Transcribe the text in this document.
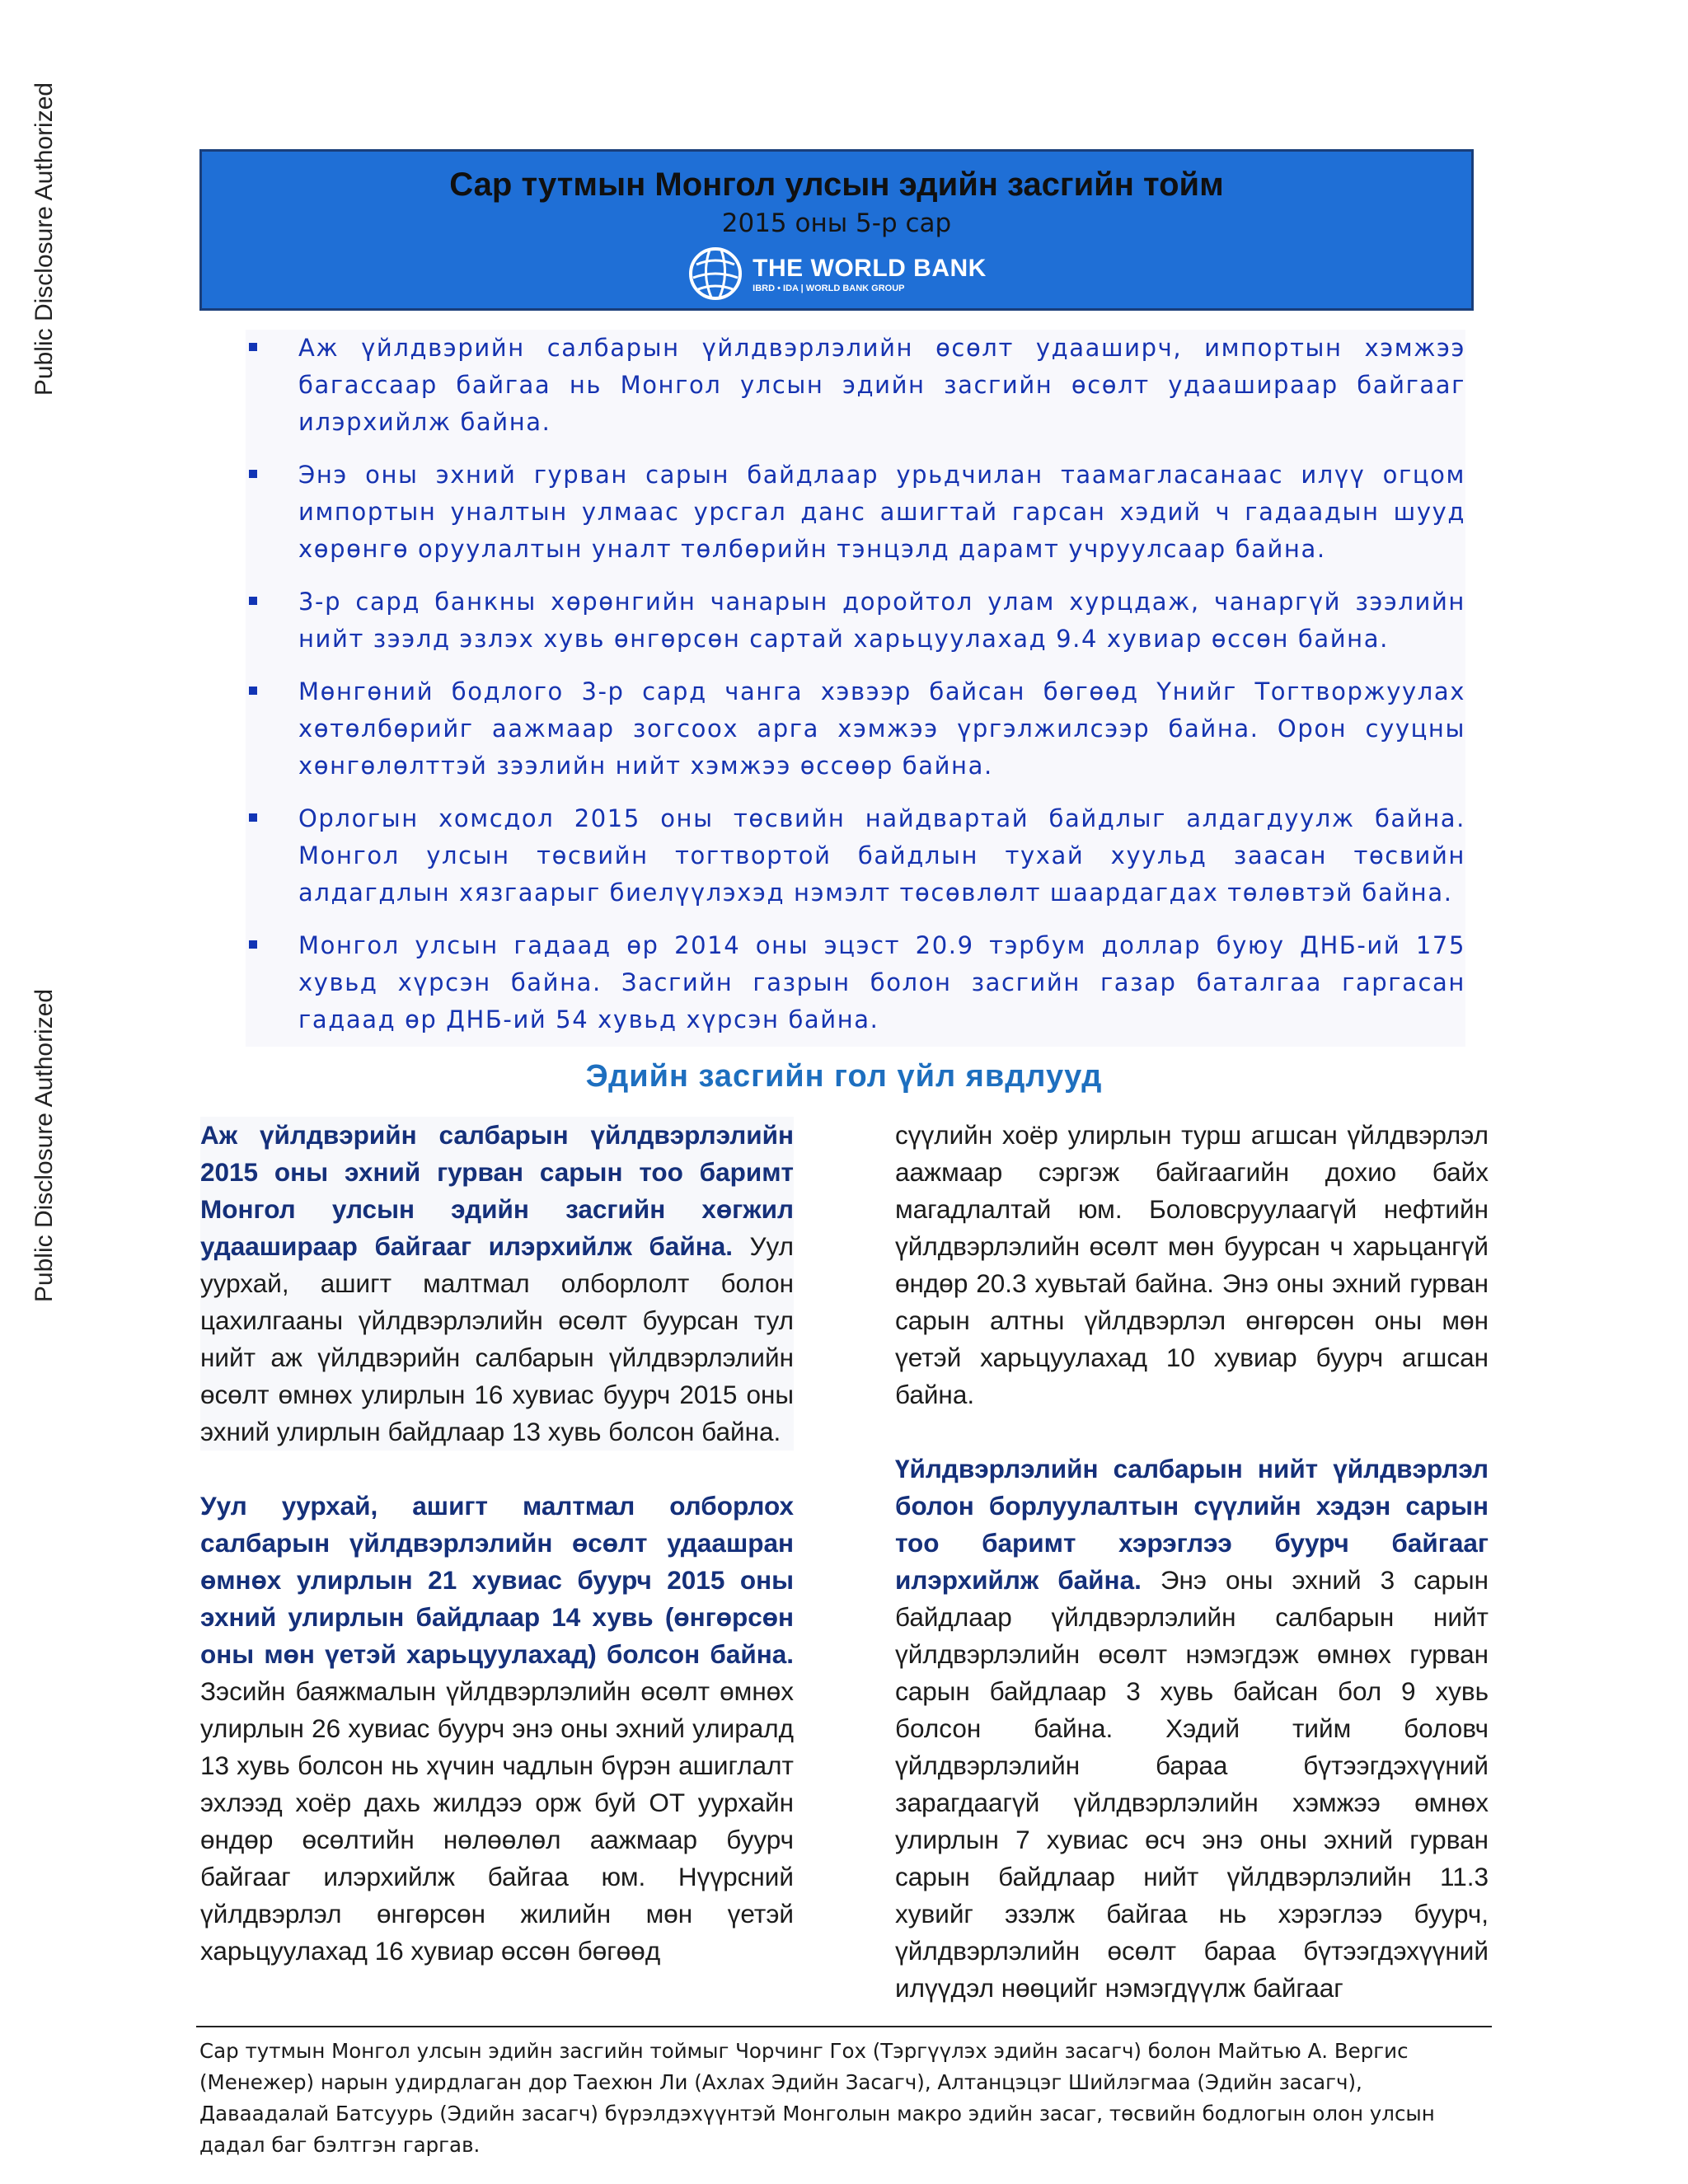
Public Disclosure Authorized
Public Disclosure Authorized
Сар тутмын Монгол улсын эдийн засгийн тойм
2015 оны 5-р сар
THE WORLD BANK
IBRD • IDA | WORLD BANK GROUP
Аж үйлдвэрийн салбарын үйлдвэрлэлийн өсөлт удааширч, импортын хэмжээ багассаар байгаа нь Монгол улсын эдийн засгийн өсөлт удаашираар байгааг илэрхийлж байна.
Энэ оны эхний гурван сарын байдлаар урьдчилан таамагласанаас илүү огцом импортын уналтын улмаас урсгал данс ашигтай гарсан хэдий ч гадаадын шууд хөрөнгө оруулалтын уналт төлбөрийн тэнцэлд дарамт учруулсаар байна.
3-р сард банкны хөрөнгийн чанарын доройтол улам хурцдаж, чанаргүй зээлийн нийт зээлд эзлэх хувь өнгөрсөн сартай харьцуулахад 9.4 хувиар өссөн байна.
Мөнгөний бодлого 3-р сард чанга хэвээр байсан бөгөөд Үнийг Тогтворжуулах хөтөлбөрийг аажмаар зогсоох арга хэмжээ үргэлжилсээр байна. Орон сууцны хөнгөлөлттэй зээлийн нийт хэмжээ өссөөр байна.
Орлогын хомсдол 2015 оны төсвийн найдвартай байдлыг алдагдуулж байна. Монгол улсын төсвийн тогтвортой байдлын тухай хуульд заасан төсвийн алдагдлын хязгаарыг биелүүлэхэд нэмэлт төсөвлөлт шаардагдах төлөвтэй байна.
Монгол улсын гадаад өр 2014 оны эцэст 20.9 тэрбум доллар буюу ДНБ-ий 175 хувьд хүрсэн байна. Засгийн газрын болон засгийн газар баталгаа гаргасан гадаад өр ДНБ-ий 54 хувьд хүрсэн байна.
Эдийн засгийн гол үйл явдлууд

Аж үйлдвэрийн салбарын үйлдвэрлэлийн 2015 оны эхний гурван сарын тоо баримт Монгол улсын эдийн засгийн хөгжил удаашираар байгааг илэрхийлж байна. Уул уурхай, ашигт малтмал олборлолт болон цахилгааны үйлдвэрлэлийн өсөлт буурсан тул нийт аж үйлдвэрийн салбарын үйлдвэрлэлийн өсөлт өмнөх улирлын 16 хувиас буурч 2015 оны эхний улирлын байдлаар 13 хувь болсон байна.

Уул уурхай, ашигт малтмал олборлох салбарын үйлдвэрлэлийн өсөлт удаашран өмнөх улирлын 21 хувиас буурч 2015 оны эхний улирлын байдлаар 14 хувь (өнгөрсөн оны мөн үетэй харьцуулахад) болсон байна. Зэсийн баяжмалын үйлдвэрлэлийн өсөлт өмнөх улирлын 26 хувиас буурч энэ оны эхний улиралд 13 хувь болсон нь хүчин чадлын бүрэн ашиглалт эхлээд хоёр дахь жилдээ орж буй ОТ уурхайн өндөр өсөлтийн нөлөөлөл аажмаар буурч байгааг илэрхийлж байгаа юм. Нүүрсний үйлдвэрлэл өнгөрсөн жилийн мөн үетэй харьцуулахад 16 хувиар өссөн бөгөөд

сүүлийн хоёр улирлын турш агшсан үйлдвэрлэл аажмаар сэргэж байгаагийн дохио байх магадлалтай юм. Боловсруулаагүй нефтийн үйлдвэрлэлийн өсөлт мөн буурсан ч харьцангүй өндөр 20.3 хувьтай байна. Энэ оны эхний гурван сарын алтны үйлдвэрлэл өнгөрсөн оны мөн үетэй харьцуулахад 10 хувиар буурч агшсан байна.

Үйлдвэрлэлийн салбарын нийт үйлдвэрлэл болон борлуулалтын сүүлийн хэдэн сарын тоо баримт хэрэглээ буурч байгааг илэрхийлж байна. Энэ оны эхний 3 сарын байдлаар үйлдвэрлэлийн салбарын нийт үйлдвэрлэлийн өсөлт нэмэгдэж өмнөх гурван сарын байдлаар 3 хувь байсан бол 9 хувь болсон байна. Хэдий тийм боловч үйлдвэрлэлийн бараа бүтээгдэхүүний зарагдаагүй үйлдвэрлэлийн хэмжээ өмнөх улирлын 7 хувиас өсч энэ оны эхний гурван сарын байдлаар нийт үйлдвэрлэлийн 11.3 хувийг эзэлж байгаа нь хэрэглээ буурч, үйлдвэрлэлийн өсөлт бараа бүтээгдэхүүний илүүдэл нөөцийг нэмэгдүүлж байгааг

Сар тутмын Монгол улсын эдийн засгийн тоймыг Чорчинг Гох (Тэргүүлэх эдийн засагч) болон Майтью А. Вергис (Менежер) нарын удирдлаган дор Таехюн Ли (Ахлах Эдийн Засагч), Алтанцэцэг Шийлэгмаа (Эдийн засагч), Даваадалай Батсуурь (Эдийн засагч) бүрэлдэхүүнтэй Монголын макро эдийн засаг, төсвийн бодлогын олон улсын дадал баг бэлтгэн гаргав.
